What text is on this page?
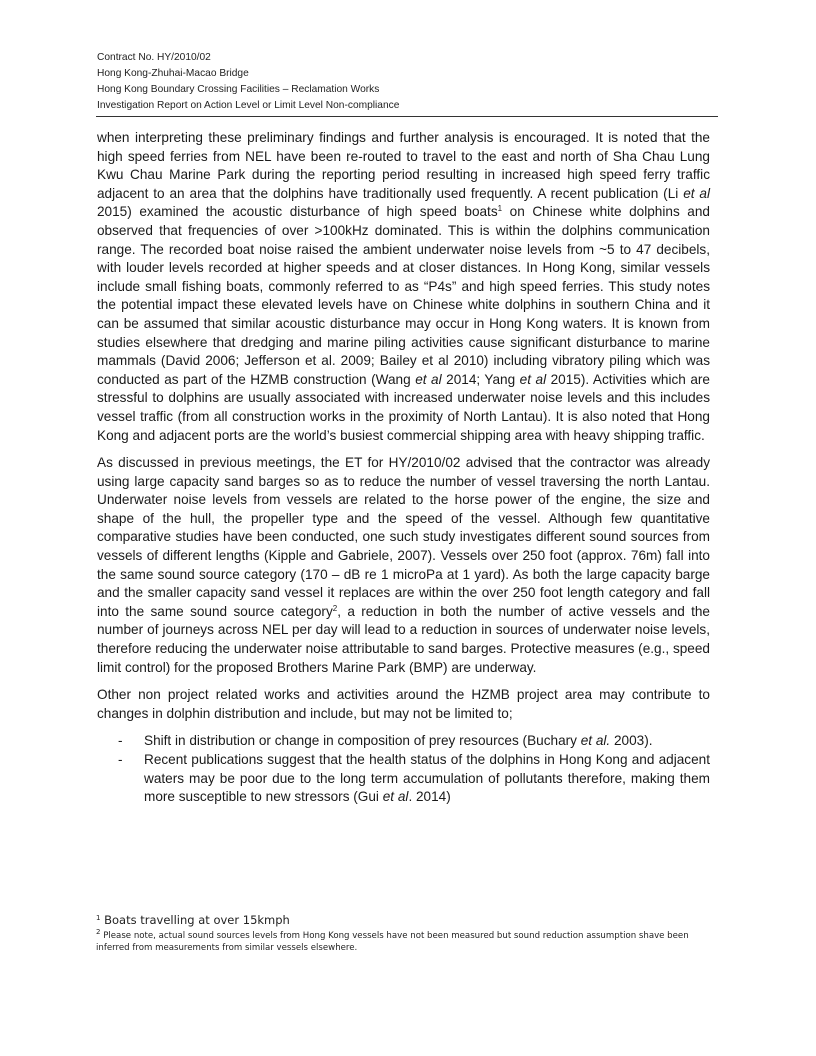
Contract No. HY/2010/02
Hong Kong-Zhuhai-Macao Bridge
Hong Kong Boundary Crossing Facilities – Reclamation Works
Investigation Report on Action Level or Limit Level Non-compliance

when interpreting these preliminary findings and further analysis is encouraged. It is noted that the high speed ferries from NEL have been re-routed to travel to the east and north of Sha Chau Lung Kwu Chau Marine Park during the reporting period resulting in increased high speed ferry traffic adjacent to an area that the dolphins have traditionally used frequently. A recent publication (Li et al 2015) examined the acoustic disturbance of high speed boats$^1$ on Chinese white dolphins and observed that frequencies of over >100kHz dominated. This is within the dolphins communication range. The recorded boat noise raised the ambient underwater noise levels from ~5 to 47 decibels, with louder levels recorded at higher speeds and at closer distances. In Hong Kong, similar vessels include small fishing boats, commonly referred to as “P4s” and high speed ferries. This study notes the potential impact these elevated levels have on Chinese white dolphins in southern China and it can be assumed that similar acoustic disturbance may occur in Hong Kong waters. It is known from studies elsewhere that dredging and marine piling activities cause significant disturbance to marine mammals (David 2006; Jefferson et al. 2009; Bailey et al 2010) including vibratory piling which was conducted as part of the HZMB construction (Wang et al 2014; Yang et al 2015). Activities which are stressful to dolphins are usually associated with increased underwater noise levels and this includes vessel traffic (from all construction works in the proximity of North Lantau). It is also noted that Hong Kong and adjacent ports are the world’s busiest commercial shipping area with heavy shipping traffic.

As discussed in previous meetings, the ET for HY/2010/02 advised that the contractor was already using large capacity sand barges so as to reduce the number of vessel traversing the north Lantau. Underwater noise levels from vessels are related to the horse power of the engine, the size and shape of the hull, the propeller type and the speed of the vessel. Although few quantitative comparative studies have been conducted, one such study investigates different sound sources from vessels of different lengths (Kipple and Gabriele, 2007). Vessels over 250 foot (approx. 76m) fall into the same sound source category (170 – dB re 1 microPa at 1 yard). As both the large capacity barge and the smaller capacity sand vessel it replaces are within the over 250 foot length category and fall into the same sound source category$^2$, a reduction in both the number of active vessels and the number of journeys across NEL per day will lead to a reduction in sources of underwater noise levels, therefore reducing the underwater noise attributable to sand barges. Protective measures (e.g., speed limit control) for the proposed Brothers Marine Park (BMP) are underway.

Other non project related works and activities around the HZMB project area may contribute to changes in dolphin distribution and include, but may not be limited to;

- Shift in distribution or change in composition of prey resources (Buchary et al. 2003).
- Recent publications suggest that the health status of the dolphins in Hong Kong and adjacent waters may be poor due to the long term accumulation of pollutants therefore, making them more susceptible to new stressors (Gui et al. 2014)
$^1$ Boats travelling at over 15kmph
$^2$ Please note, actual sound sources levels from Hong Kong vessels have not been measured but sound reduction assumption shave been inferred from measurements from similar vessels elsewhere.
